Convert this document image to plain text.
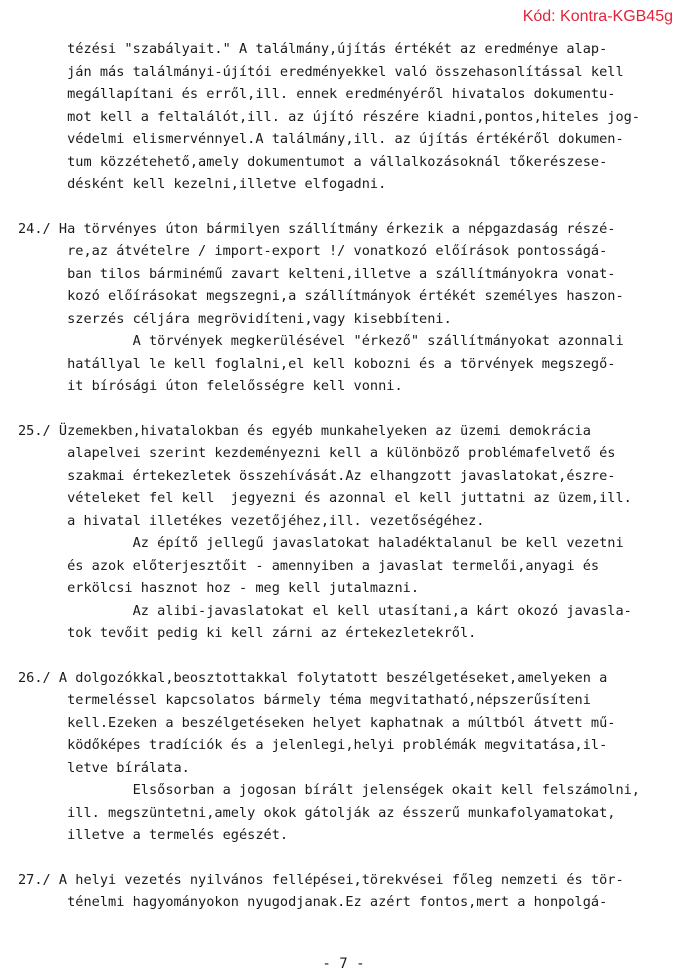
Kód: Kontra-KGB45g
tézési "szabályait." A találmány,újítás értékét az eredménye alap-
ján más találmányi-újítói eredményekkel való összehasonlítással kell
megállapítani és erről,ill. ennek eredményéről hivatalos dokumentu-
mot kell a feltalálót,ill. az újító részére kiadni,pontos,hiteles jog-
védelmi elismervénnyel.A találmány,ill. az újítás értékéről dokumen-
tum közzétehető,amely dokumentumot a vállalkozásoknál tőkerészese-
désként kell kezelni,illetve elfogadni.
24./ Ha törvényes úton bármilyen szállítmány érkezik a népgazdaság részé-
re,az átvételre / import-export !/ vonatkozó előírások pontosságá-
ban tilos bárminémű zavart kelteni,illetve a szállítmányokra vonat-
kozó előírásokat megszegni,a szállítmányok értékét személyes haszon-
szerzés céljára megrövidíteni,vagy kisebbíteni.
A törvények megkerülésével "érkező" szállítmányokat azonnali
hatállyal le kell foglalni,el kell kobozni és a törvények megszegő-
it bírósági úton felelősségre kell vonni.
25./ Üzemekben,hivatalokban és egyéb munkahelyeken az üzemi demokrácia
alapelvei szerint kezdeményezni kell a különböző problémafelvető és
szakmai értekezletek összehívását.Az elhangzott javaslatokat,észre-
vételeket fel kell  jegyezni és azonnal el kell juttatni az üzem,ill.
a hivatal illetékes vezetőjéhez,ill. vezetőségéhez.
Az építő jellegű javaslatokat haladéktalanul be kell vezetni
és azok előterjesztőit - amennyiben a javaslat termelői,anyagi és
erkölcsi hasznot hoz - meg kell jutalmazni.
Az alibi-javaslatokat el kell utasítani,a kárt okozó javasla-
tok tevőit pedig ki kell zárni az értekezletekről.
26./ A dolgozókkal,beosztottakkal folytatott beszélgetéseket,amelyeken a
termeléssel kapcsolatos bármely téma megvitatható,népszerűsíteni
kell.Ezeken a beszélgetéseken helyet kaphatnak a múltból átvett mű-
ködőképes tradíciók és a jelenlegi,helyi problémák megvitatása,il-
letve bírálata.
Elsősorban a jogosan bírált jelenségek okait kell felszámolni,
ill. megszüntetni,amely okok gátolják az ésszerű munkafolyamatokat,
illetve a termelés egészét.
27./ A helyi vezetés nyilvános fellépései,törekvései főleg nemzeti és tör-
ténelmi hagyományokon nyugodjanak.Ez azért fontos,mert a honpolgá-
- 7 -
